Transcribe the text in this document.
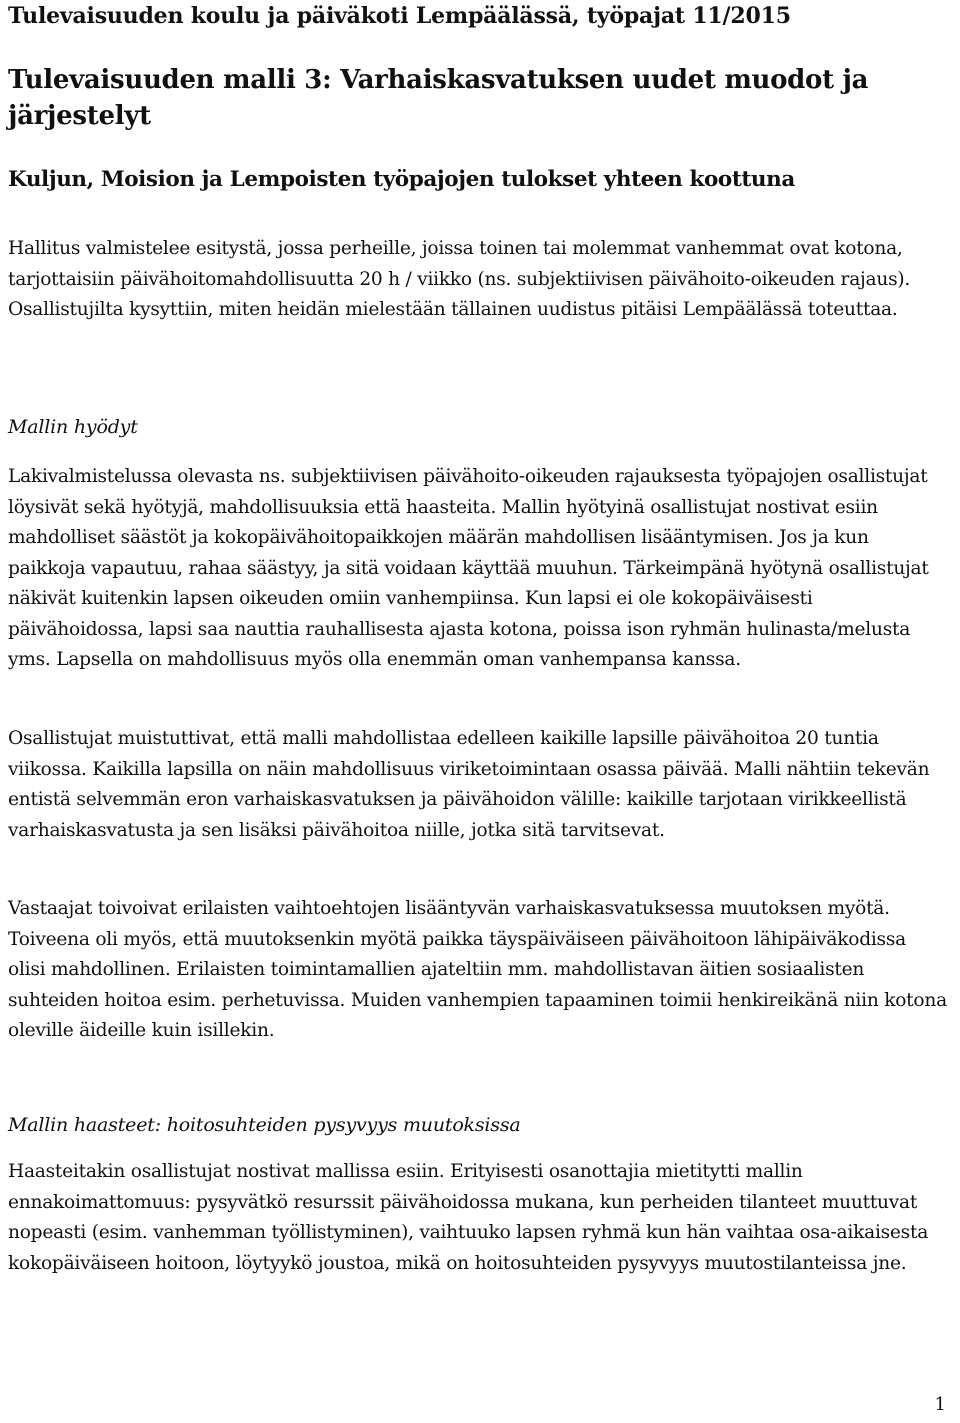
Tulevaisuuden koulu ja päiväkoti Lempäälässä, työpajat 11/2015
Tulevaisuuden malli 3: Varhaiskasvatuksen uudet muodot ja järjestelyt
Kuljun, Moision ja Lempoisten työpajojen tulokset yhteen koottuna

Hallitus valmistelee esitystä, jossa perheille, joissa toinen tai molemmat vanhemmat ovat kotona, tarjottaisiin päivähoitomahdollisuutta 20 h / viikko (ns. subjektiivisen päivähoito-oikeuden rajaus). Osallistujilta kysyttiin, miten heidän mielestään tällainen uudistus pitäisi Lempäälässä toteuttaa.

Mallin hyödyt

Lakivalmistelussa olevasta ns. subjektiivisen päivähoito-oikeuden rajauksesta työpajojen osallistujat löysivät sekä hyötyjä, mahdollisuuksia että haasteita. Mallin hyötyinä osallistujat nostivat esiin mahdolliset säästöt ja kokopäivähoitopaikkojen määrän mahdollisen lisääntymisen. Jos ja kun paikkoja vapautuu, rahaa säästyy, ja sitä voidaan käyttää muuhun. Tärkeimpänä hyötynä osallistujat näkivät kuitenkin lapsen oikeuden omiin vanhempiinsa. Kun lapsi ei ole kokopäiväisesti päivähoidossa, lapsi saa nauttia rauhallisesta ajasta kotona, poissa ison ryhmän hulinasta/melusta yms. Lapsella on mahdollisuus myös olla enemmän oman vanhempansa kanssa.

Osallistujat muistuttivat, että malli mahdollistaa edelleen kaikille lapsille päivähoitoa 20 tuntia viikossa. Kaikilla lapsilla on näin mahdollisuus viriketoimintaan osassa päivää. Malli nähtiin tekevän entistä selvemmän eron varhaiskasvatuksen ja päivähoidon välille: kaikille tarjotaan virikkeellistä varhaiskasvatusta ja sen lisäksi päivähoitoa niille, jotka sitä tarvitsevat.

Vastaajat toivoivat erilaisten vaihtoehtojen lisääntyvän varhaiskasvatuksessa muutoksen myötä. Toiveena oli myös, että muutoksenkin myötä paikka täyspäiväiseen päivähoitoon lähipäiväkodissa olisi mahdollinen. Erilaisten toimintamallien ajateltiin mm. mahdollistavan äitien sosiaalisten suhteiden hoitoa esim. perhetuvissa. Muiden vanhempien tapaaminen toimii henkireikänä niin kotona oleville äideille kuin isillekin.

Mallin haasteet: hoitosuhteiden pysyvyys muutoksissa

Haasteitakin osallistujat nostivat mallissa esiin. Erityisesti osanottajia mietitytti mallin ennakoimattomuus: pysyvätkö resurssit päivähoidossa mukana, kun perheiden tilanteet muuttuvat nopeasti (esim. vanhemman työllistyminen), vaihtuuko lapsen ryhmä kun hän vaihtaa osa-aikaisesta kokopäiväiseen hoitoon, löytyykö joustoa, mikä on hoitosuhteiden pysyvyys muutostilanteissa jne.

1
